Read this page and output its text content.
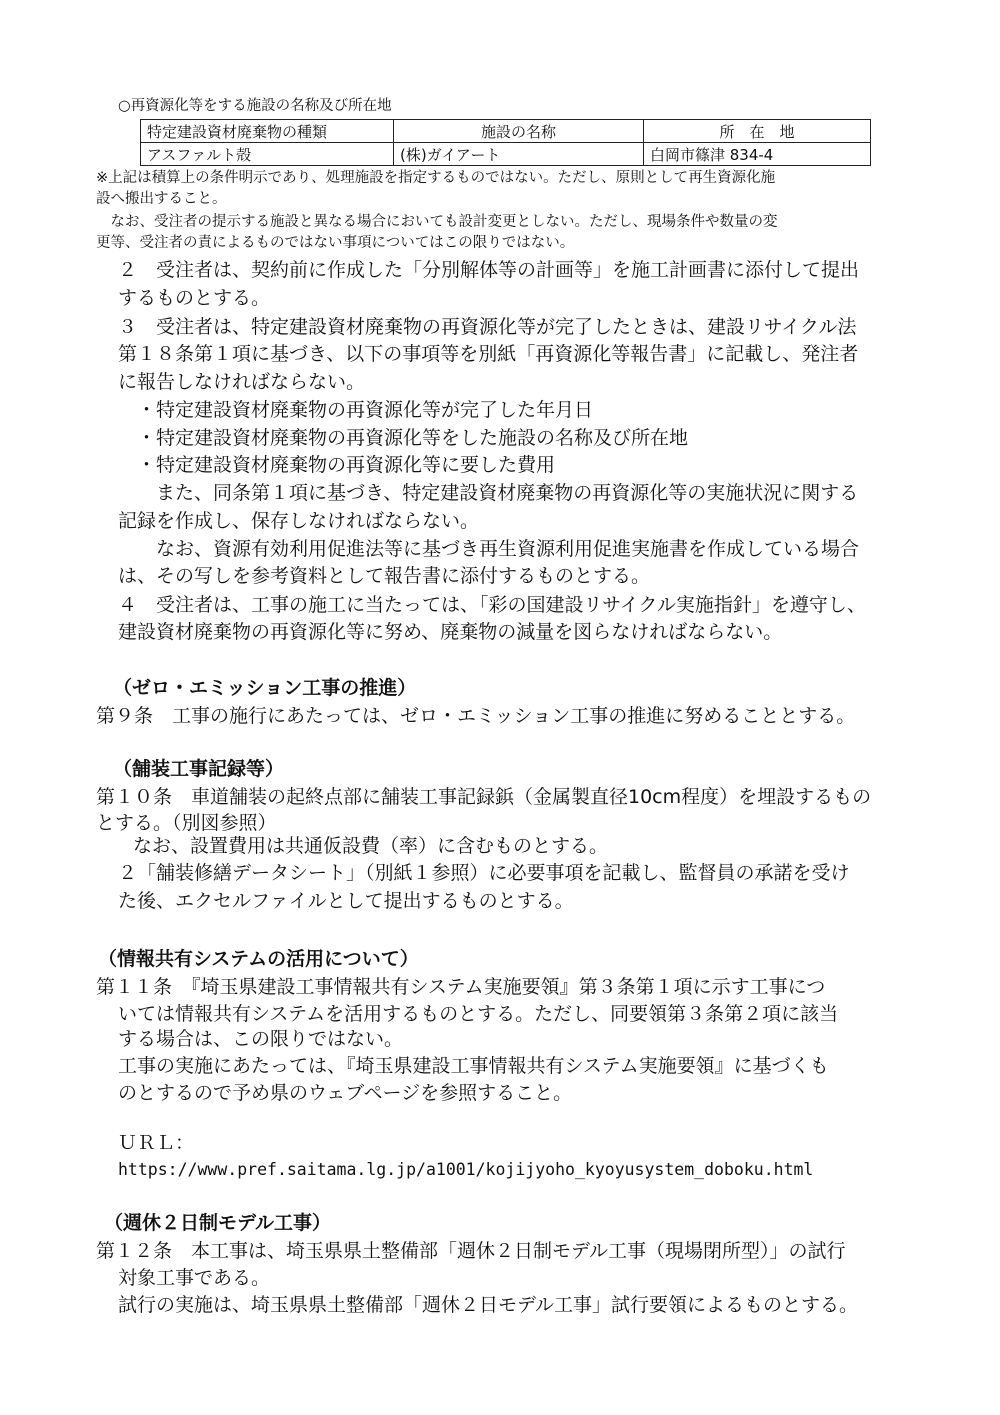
○再資源化等をする施設の名称及び所在地
特定建設資材廃棄物の種類	施設の名称	所　在　地
アスファルト殻	(株)ガイアート	白岡市篠津 834-4
※上記は積算上の条件明示であり、処理施設を指定するものではない。ただし、原則として再生資源化施
設へ搬出すること。
　なお、受注者の提示する施設と異なる場合においても設計変更としない。ただし、現場条件や数量の変
更等、受注者の責によるものではない事項についてはこの限りではない。
２　受注者は、契約前に作成した「分別解体等の計画等」を施工計画書に添付して提出
するものとする。
３　受注者は、特定建設資材廃棄物の再資源化等が完了したときは、建設リサイクル法
第１８条第１項に基づき、以下の事項等を別紙「再資源化等報告書」に記載し、発注者
に報告しなければならない。
・特定建設資材廃棄物の再資源化等が完了した年月日
・特定建設資材廃棄物の再資源化等をした施設の名称及び所在地
・特定建設資材廃棄物の再資源化等に要した費用
また、同条第１項に基づき、特定建設資材廃棄物の再資源化等の実施状況に関する
記録を作成し、保存しなければならない。
なお、資源有効利用促進法等に基づき再生資源利用促進実施書を作成している場合
は、その写しを参考資料として報告書に添付するものとする。
４　受注者は、工事の施工に当たっては、「彩の国建設リサイクル実施指針」を遵守し、
建設資材廃棄物の再資源化等に努め、廃棄物の減量を図らなければならない。
（ゼロ・エミッション工事の推進）
第９条　工事の施行にあたっては、ゼロ・エミッション工事の推進に努めることとする。
（舗装工事記録等）
第１０条　車道舗装の起終点部に舗装工事記録鋲（金属製直径10cm程度）を埋設するもの
とする。（別図参照）
なお、設置費用は共通仮設費（率）に含むものとする。
２「舗装修繕データシート」（別紙１参照）に必要事項を記載し、監督員の承諾を受け
た後、エクセルファイルとして提出するものとする。
（情報共有システムの活用について）
第１１条　『埼玉県建設工事情報共有システム実施要領』第３条第１項に示す工事につ
いては情報共有システムを活用するものとする。ただし、同要領第３条第２項に該当
する場合は、この限りではない。
工事の実施にあたっては、『埼玉県建設工事情報共有システム実施要領』に基づくも
のとするので予め県のウェブページを参照すること。
ＵＲＬ：
https://www.pref.saitama.lg.jp/a1001/kojijyoho_kyoyusystem_doboku.html
（週休２日制モデル工事）
第１２条　本工事は、埼玉県県土整備部「週休２日制モデル工事（現場閉所型）」の試行
対象工事である。
試行の実施は、埼玉県県土整備部「週休２日モデル工事」試行要領によるものとする。
